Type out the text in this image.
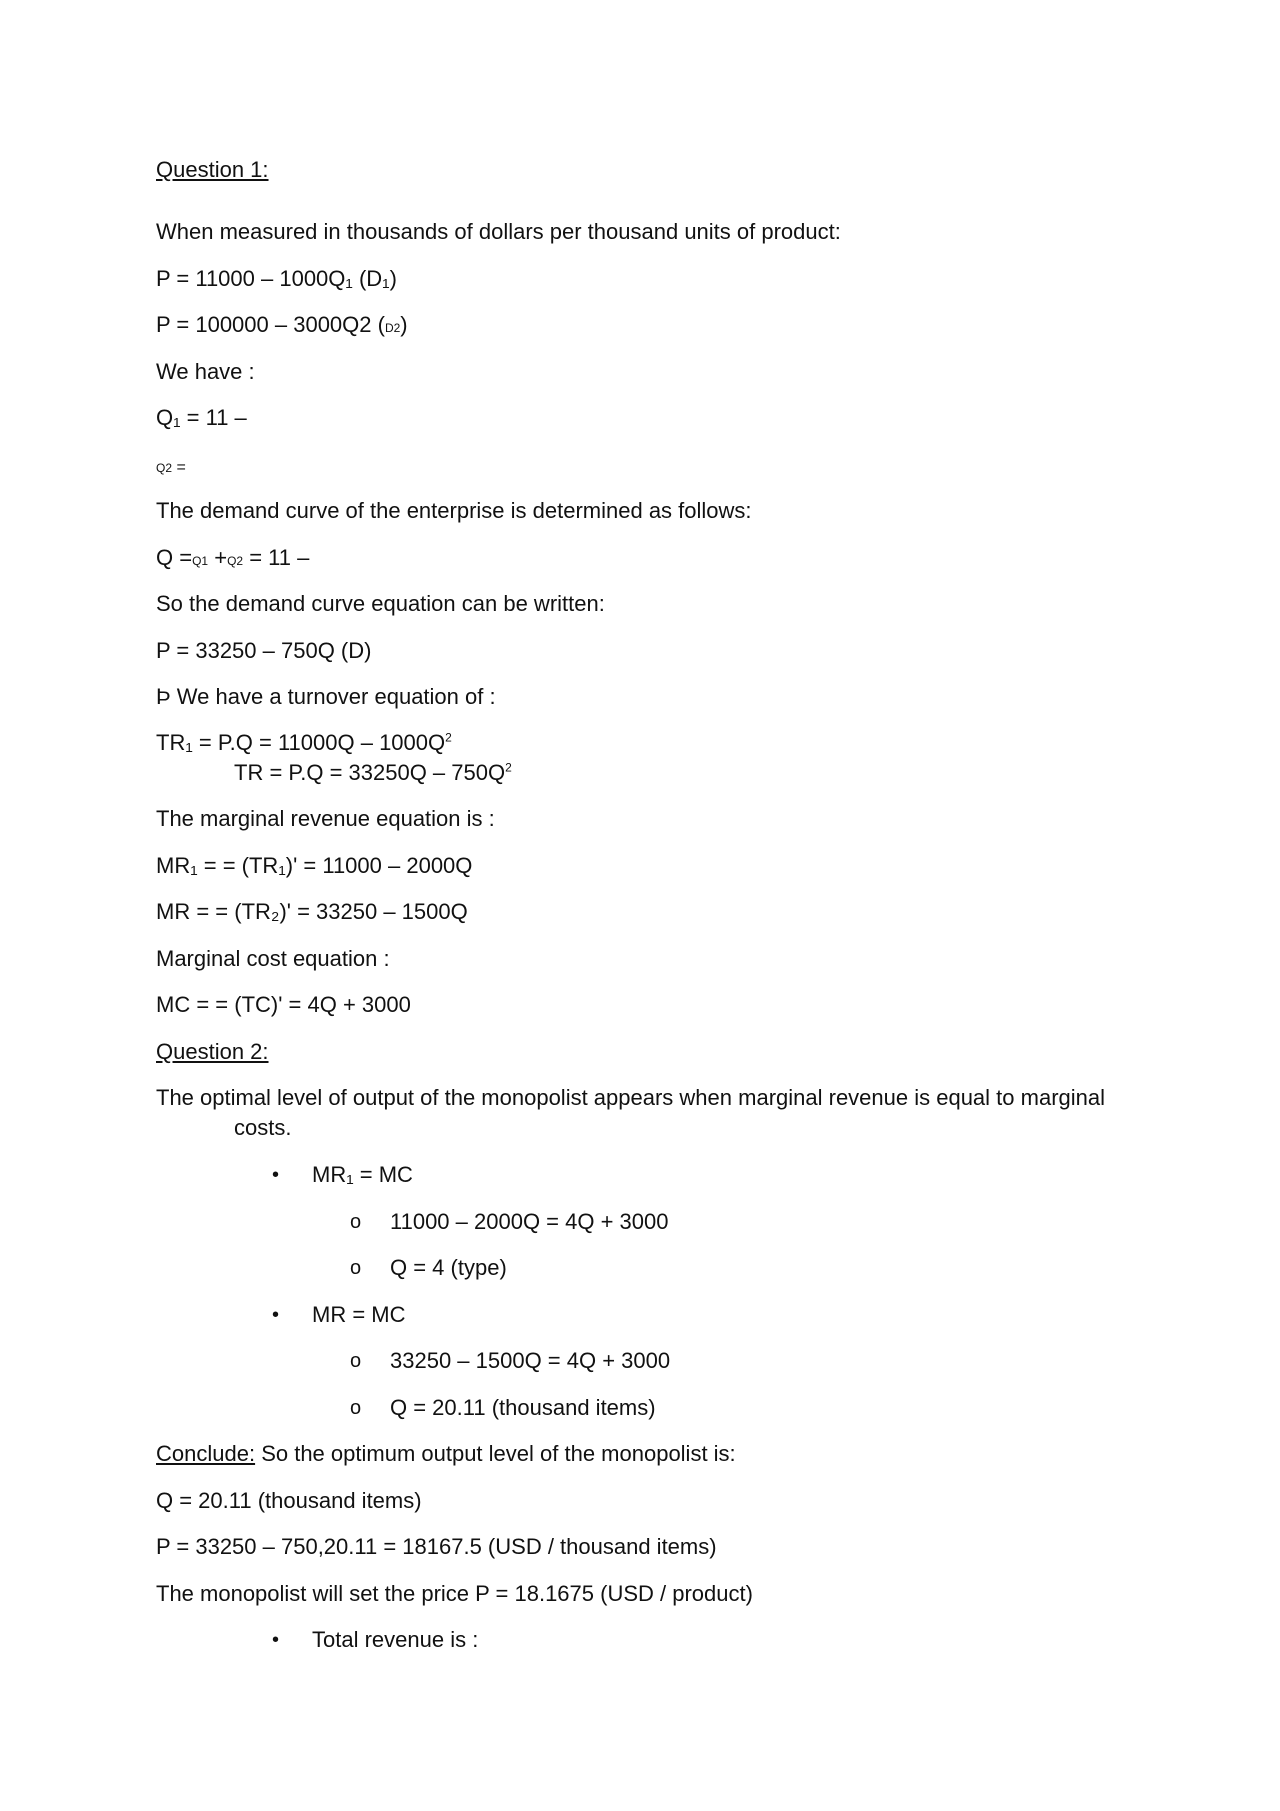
Question 1:
When measured in thousands of dollars per thousand units of product:
P = 11000 – 1000Q₁ (D₁)
P = 100000 – 3000Q2 (D2)
We have :
Q₁ = 11 –
Q2 =
The demand curve of the enterprise is determined as follows:
Q =Q1 +Q2 = 11 –
So the demand curve equation can be written:
P = 33250 – 750Q (D)
Þ We have a turnover equation of :
$TR_1 = P.Q = 11000Q - 1000Q^2$
TR = $P.Q = 33250Q - 750Q^2$
The marginal revenue equation is :
MR₁ = = (TR₁)' = 11000 – 2000Q
MR = = (TR₂)' = 33250 – 1500Q
Marginal cost equation :
MC = = (TC)' = 4Q + 3000
Question 2:
The optimal level of output of the monopolist appears when marginal revenue is equal to marginal
costs.
• MR₁ = MC
o 11000 – 2000Q = 4Q + 3000
o Q = 4 (type)
• MR = MC
o 33250 – 1500Q = 4Q + 3000
o Q = 20.11 (thousand items)
Conclude: So the optimum output level of the monopolist is:
Q = 20.11 (thousand items)
P = 33250 – 750,20.11 = 18167.5 (USD / thousand items)
The monopolist will set the price P = 18.1675 (USD / product)
• Total revenue is :
